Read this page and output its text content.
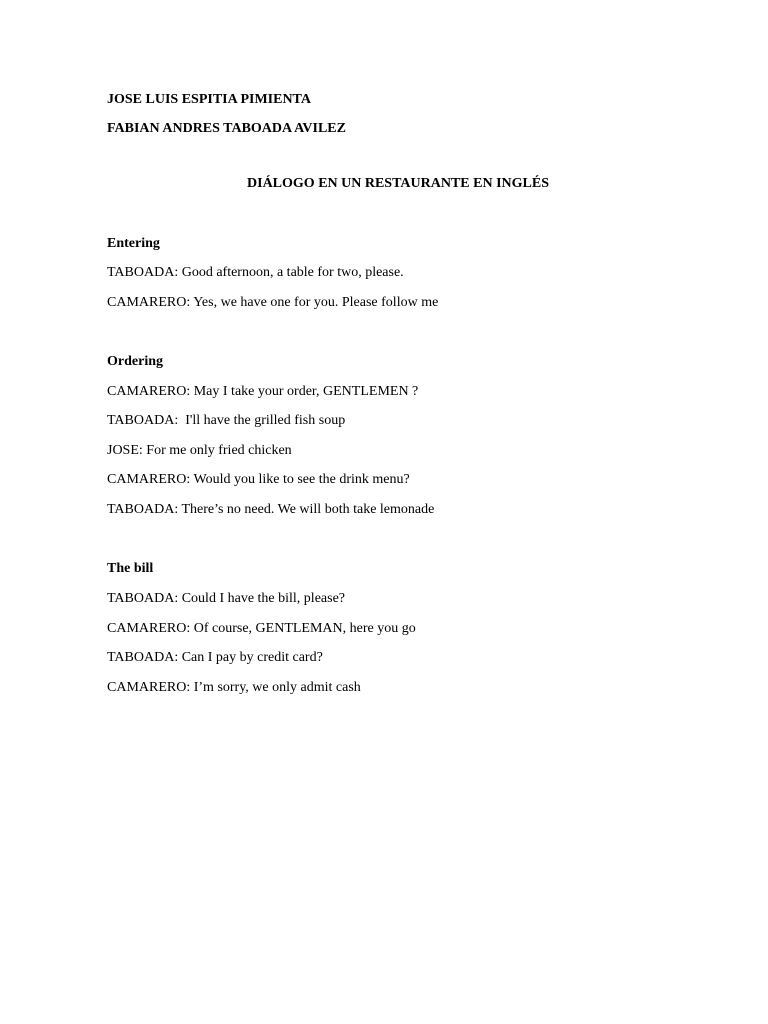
JOSE LUIS ESPITIA PIMIENTA
FABIAN ANDRES TABOADA AVILEZ
DIÁLOGO EN UN RESTAURANTE EN INGLÉS
Entering
TABOADA: Good afternoon, a table for two, please.
CAMARERO: Yes, we have one for you. Please follow me
Ordering
CAMARERO: May I take your order, GENTLEMEN ?
TABOADA:  I'll have the grilled fish soup
JOSE: For me only fried chicken
CAMARERO: Would you like to see the drink menu?
TABOADA: There’s no need. We will both take lemonade
The bill
TABOADA: Could I have the bill, please?
CAMARERO: Of course, GENTLEMAN, here you go
TABOADA: Can I pay by credit card?
CAMARERO: I’m sorry, we only admit cash
